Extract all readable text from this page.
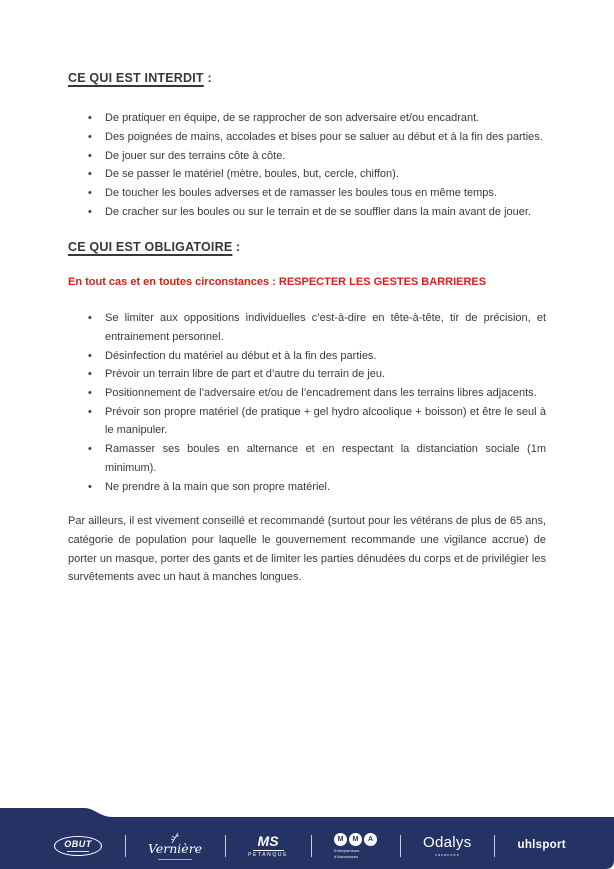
CE QUI EST INTERDIT :
• De pratiquer en équipe, de se rapprocher de son adversaire et/ou encadrant.
• Des poignées de mains, accolades et bises pour se saluer au début et à la fin des parties.
• De jouer sur des terrains côte à côte.
• De se passer le matériel (mètre, boules, but, cercle, chiffon).
• De toucher les boules adverses et de ramasser les boules tous en même temps.
• De cracher sur les boules ou sur le terrain et de se souffler dans la main avant de jouer.
CE QUI EST OBLIGATOIRE :

En tout cas et en toutes circonstances : RESPECTER LES GESTES BARRIERES

• Se limiter aux oppositions individuelles c’est-à-dire en tête-à-tête, tir de précision, et entrainement personnel.
• Désinfection du matériel au début et à la fin des parties.
• Prévoir un terrain libre de part et d’autre du terrain de jeu.
• Positionnement de l’adversaire et/ou de l’encadrement dans les terrains libres adjacents.
• Prévoir son propre matériel (de pratique + gel hydro alcoolique + boisson) et être le seul à le manipuler.
• Ramasser ses boules en alternance et en respectant la distanciation sociale (1m minimum).
• Ne prendre à la main que son propre matériel.

Par ailleurs, il est vivement conseillé et recommandé (surtout pour les vétérans de plus de 65 ans, catégorie de population pour laquelle le gouvernement recommande une vigilance accrue) de porter un masque, porter des gants et de limiter les parties dénudées du corps et de privilégier les survêtements avec un haut à manches longues.

OBUT	Vernière	MS
PETANQUE
M	M	A
Entrepreneurs
d’Assurances
Odalys
vacances
uhlsport
